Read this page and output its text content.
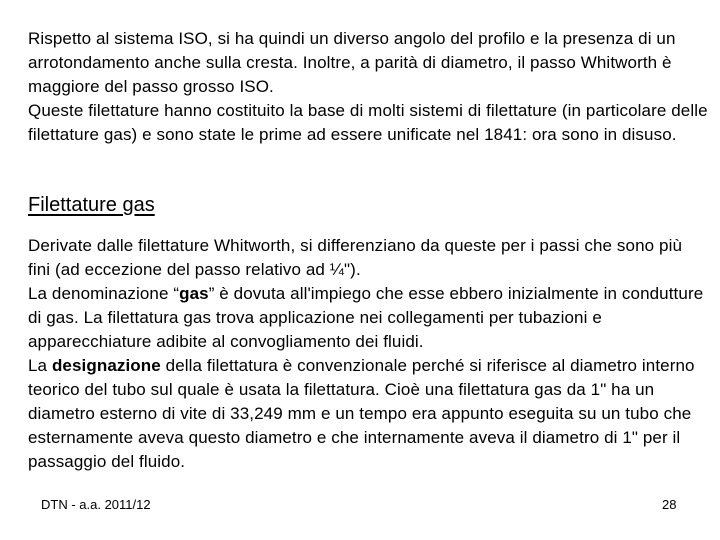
Rispetto al sistema ISO, si ha quindi un diverso angolo del profilo e la presenza di un arrotondamento anche sulla cresta. Inoltre, a parità di diametro, il passo Whitworth è maggiore del passo grosso ISO.

Queste filettature hanno costituito la base di molti sistemi di filettature (in particolare delle filettature gas) e sono state le prime ad essere unificate nel 1841: ora sono in disuso.

Filettature gas

Derivate dalle filettature Whitworth, si differenziano da queste per i passi che sono più fini (ad eccezione del passo relativo ad ¼").

La denominazione “gas” è dovuta all'impiego che esse ebbero inizialmente in condutture di gas. La filettatura gas trova applicazione nei collegamenti per tubazioni e apparecchiature adibite al convogliamento dei fluidi.

La designazione della filettatura è convenzionale perché si riferisce al diametro interno teorico del tubo sul quale è usata la filettatura. Cioè una filettatura gas da 1" ha un diametro esterno di vite di 33,249 mm e un tempo era appunto eseguita su un tubo che esternamente aveva questo diametro e che internamente aveva il diametro di 1" per il passaggio del fluido.

DTN - a.a. 2011/12	28
